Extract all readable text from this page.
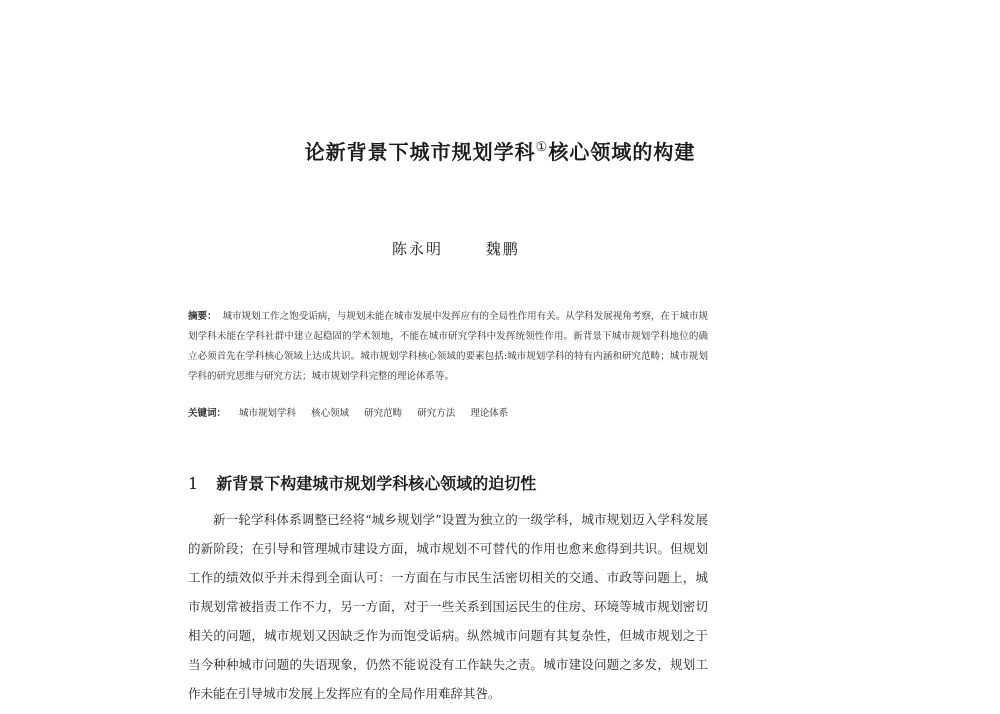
论新背景下城市规划学科①核心领域的构建
陈永明	魏鹏
摘要： 城市规划工作之饱受诟病，与规划未能在城市发展中发挥应有的全局性作用有关。从学科发展视角考察，在于城市规划学科未能在学科社群中建立起稳固的学术领地，不能在城市研究学科中发挥统领性作用。新背景下城市规划学科地位的确立必须首先在学科核心领域上达成共识。城市规划学科核心领域的要素包括:城市规划学科的特有内涵和研究范畴；城市规划学科的研究思维与研究方法；城市规划学科完整的理论体系等。
关键词： 城市规划学科 核心领域 研究范畴 研究方法 理论体系
1 新背景下构建城市规划学科核心领域的迫切性
新一轮学科体系调整已经将“城乡规划学”设置为独立的一级学科，城市规划迈入学科发展的新阶段；在引导和管理城市建设方面，城市规划不可替代的作用也愈来愈得到共识。但规划工作的绩效似乎并未得到全面认可：一方面在与市民生活密切相关的交通、市政等问题上，城市规划常被指责工作不力，另一方面，对于一些关系到国运民生的住房、环境等城市规划密切相关的问题，城市规划又因缺乏作为而饱受诟病。纵然城市问题有其复杂性，但城市规划之于当今种种城市问题的失语现象，仍然不能说没有工作缺失之责。城市建设问题之多发，规划工作未能在引导城市发展上发挥应有的全局作用难辞其咎。
